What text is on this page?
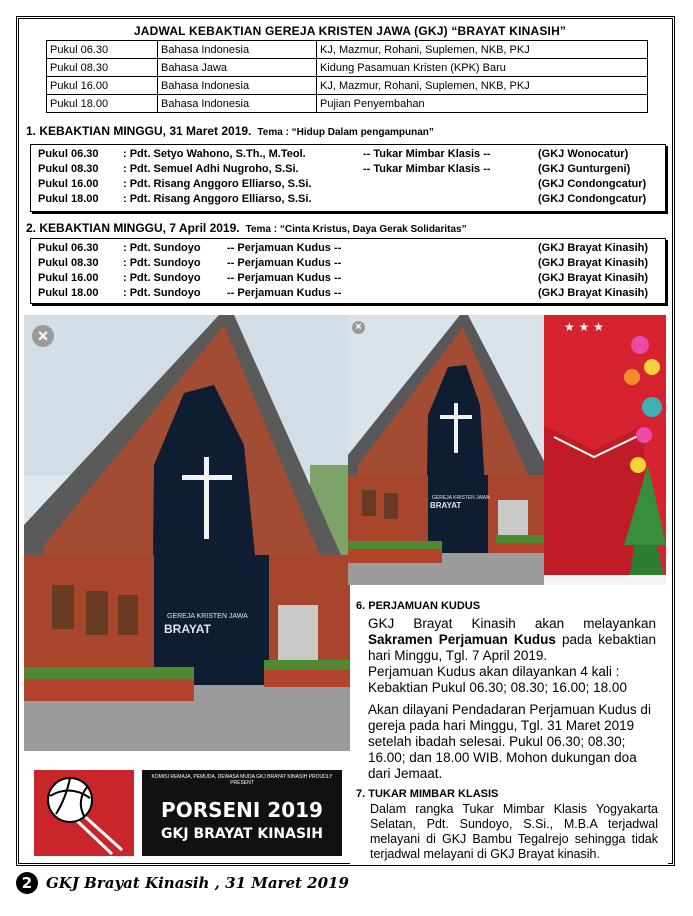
JADWAL KEBAKTIAN GEREJA KRISTEN JAWA (GKJ) “BRAYAT KINASIH”
Pukul 06.30	Bahasa Indonesia	KJ, Mazmur, Rohani, Suplemen, NKB, PKJ
Pukul 08.30	Bahasa Jawa	Kidung Pasamuan Kristen (KPK) Baru
Pukul 16.00	Bahasa Indonesia	KJ, Mazmur, Rohani, Suplemen, NKB, PKJ
Pukul 18.00	Bahasa Indonesia	Pujian Penyembahan
1. KEBAKTIAN MINGGU, 31 Maret 2019. Tema : “Hidup Dalam pengampunan”
Pukul 06.30 : Pdt. Setyo Wahono, S.Th., M.Teol.	-- Tukar Mimbar Klasis --	(GKJ Wonocatur)
Pukul 08.30 : Pdt. Semuel Adhi Nugroho, S.Si.	-- Tukar Mimbar Klasis --	(GKJ Gunturgeni)
Pukul 16.00 : Pdt. Risang Anggoro Elliarso, S.Si.	(GKJ Condongcatur)
Pukul 18.00 : Pdt. Risang Anggoro Elliarso, S.Si.	(GKJ Condongcatur)
2. KEBAKTIAN MINGGU, 7 April 2019. Tema : “Cinta Kristus, Daya Gerak Solidaritas”
Pukul 06.30 : Pdt. Sundoyo -- Perjamuan Kudus --	(GKJ Brayat Kinasih)
Pukul 08.30 : Pdt. Sundoyo -- Perjamuan Kudus --	(GKJ Brayat Kinasih)
Pukul 16.00 : Pdt. Sundoyo -- Perjamuan Kudus --	(GKJ Brayat Kinasih)
Pukul 18.00 : Pdt. Sundoyo -- Perjamuan Kudus --	(GKJ Brayat Kinasih)
GEREJA KRISTEN JAWA
BRAYAT
×
GEREJA KRISTEN JAWA
BRAYAT
×	★ ★ ★
6. PERJAMUAN KUDUS
GKJ Brayat Kinasih akan melayankan Sakramen Perjamuan Kudus pada kebaktian hari Minggu, Tgl. 7 April 2019.
Perjamuan Kudus akan dilayankan 4 kali : Kebaktian Pukul 06.30; 08.30; 16.00; 18.00
Akan dilayani Pendadaran Perjamuan Kudus di gereja pada hari Minggu, Tgl. 31 Maret 2019 setelah ibadah selesai. Pukul 06.30; 08.30; 16.00; dan 18.00 WIB. Mohon dukungan doa dari Jemaat.
7. TUKAR MIMBAR KLASIS
Dalam rangka Tukar Mimbar Klasis Yogyakarta Selatan, Pdt. Sundoyo, S.Si., M.B.A terjadwal melayani di GKJ Bambu Tegalrejo sehingga tidak terjadwal melayani di GKJ Brayat kinasih.
KOMISI REMAJA, PEMUDA, DEWASA MUDA GKJ BRAYAT KINASIH PROUDLY PRESENT
PORSENI 2019
GKJ BRAYAT KINASIH
2 GKJ Brayat Kinasih , 31 Maret 2019
